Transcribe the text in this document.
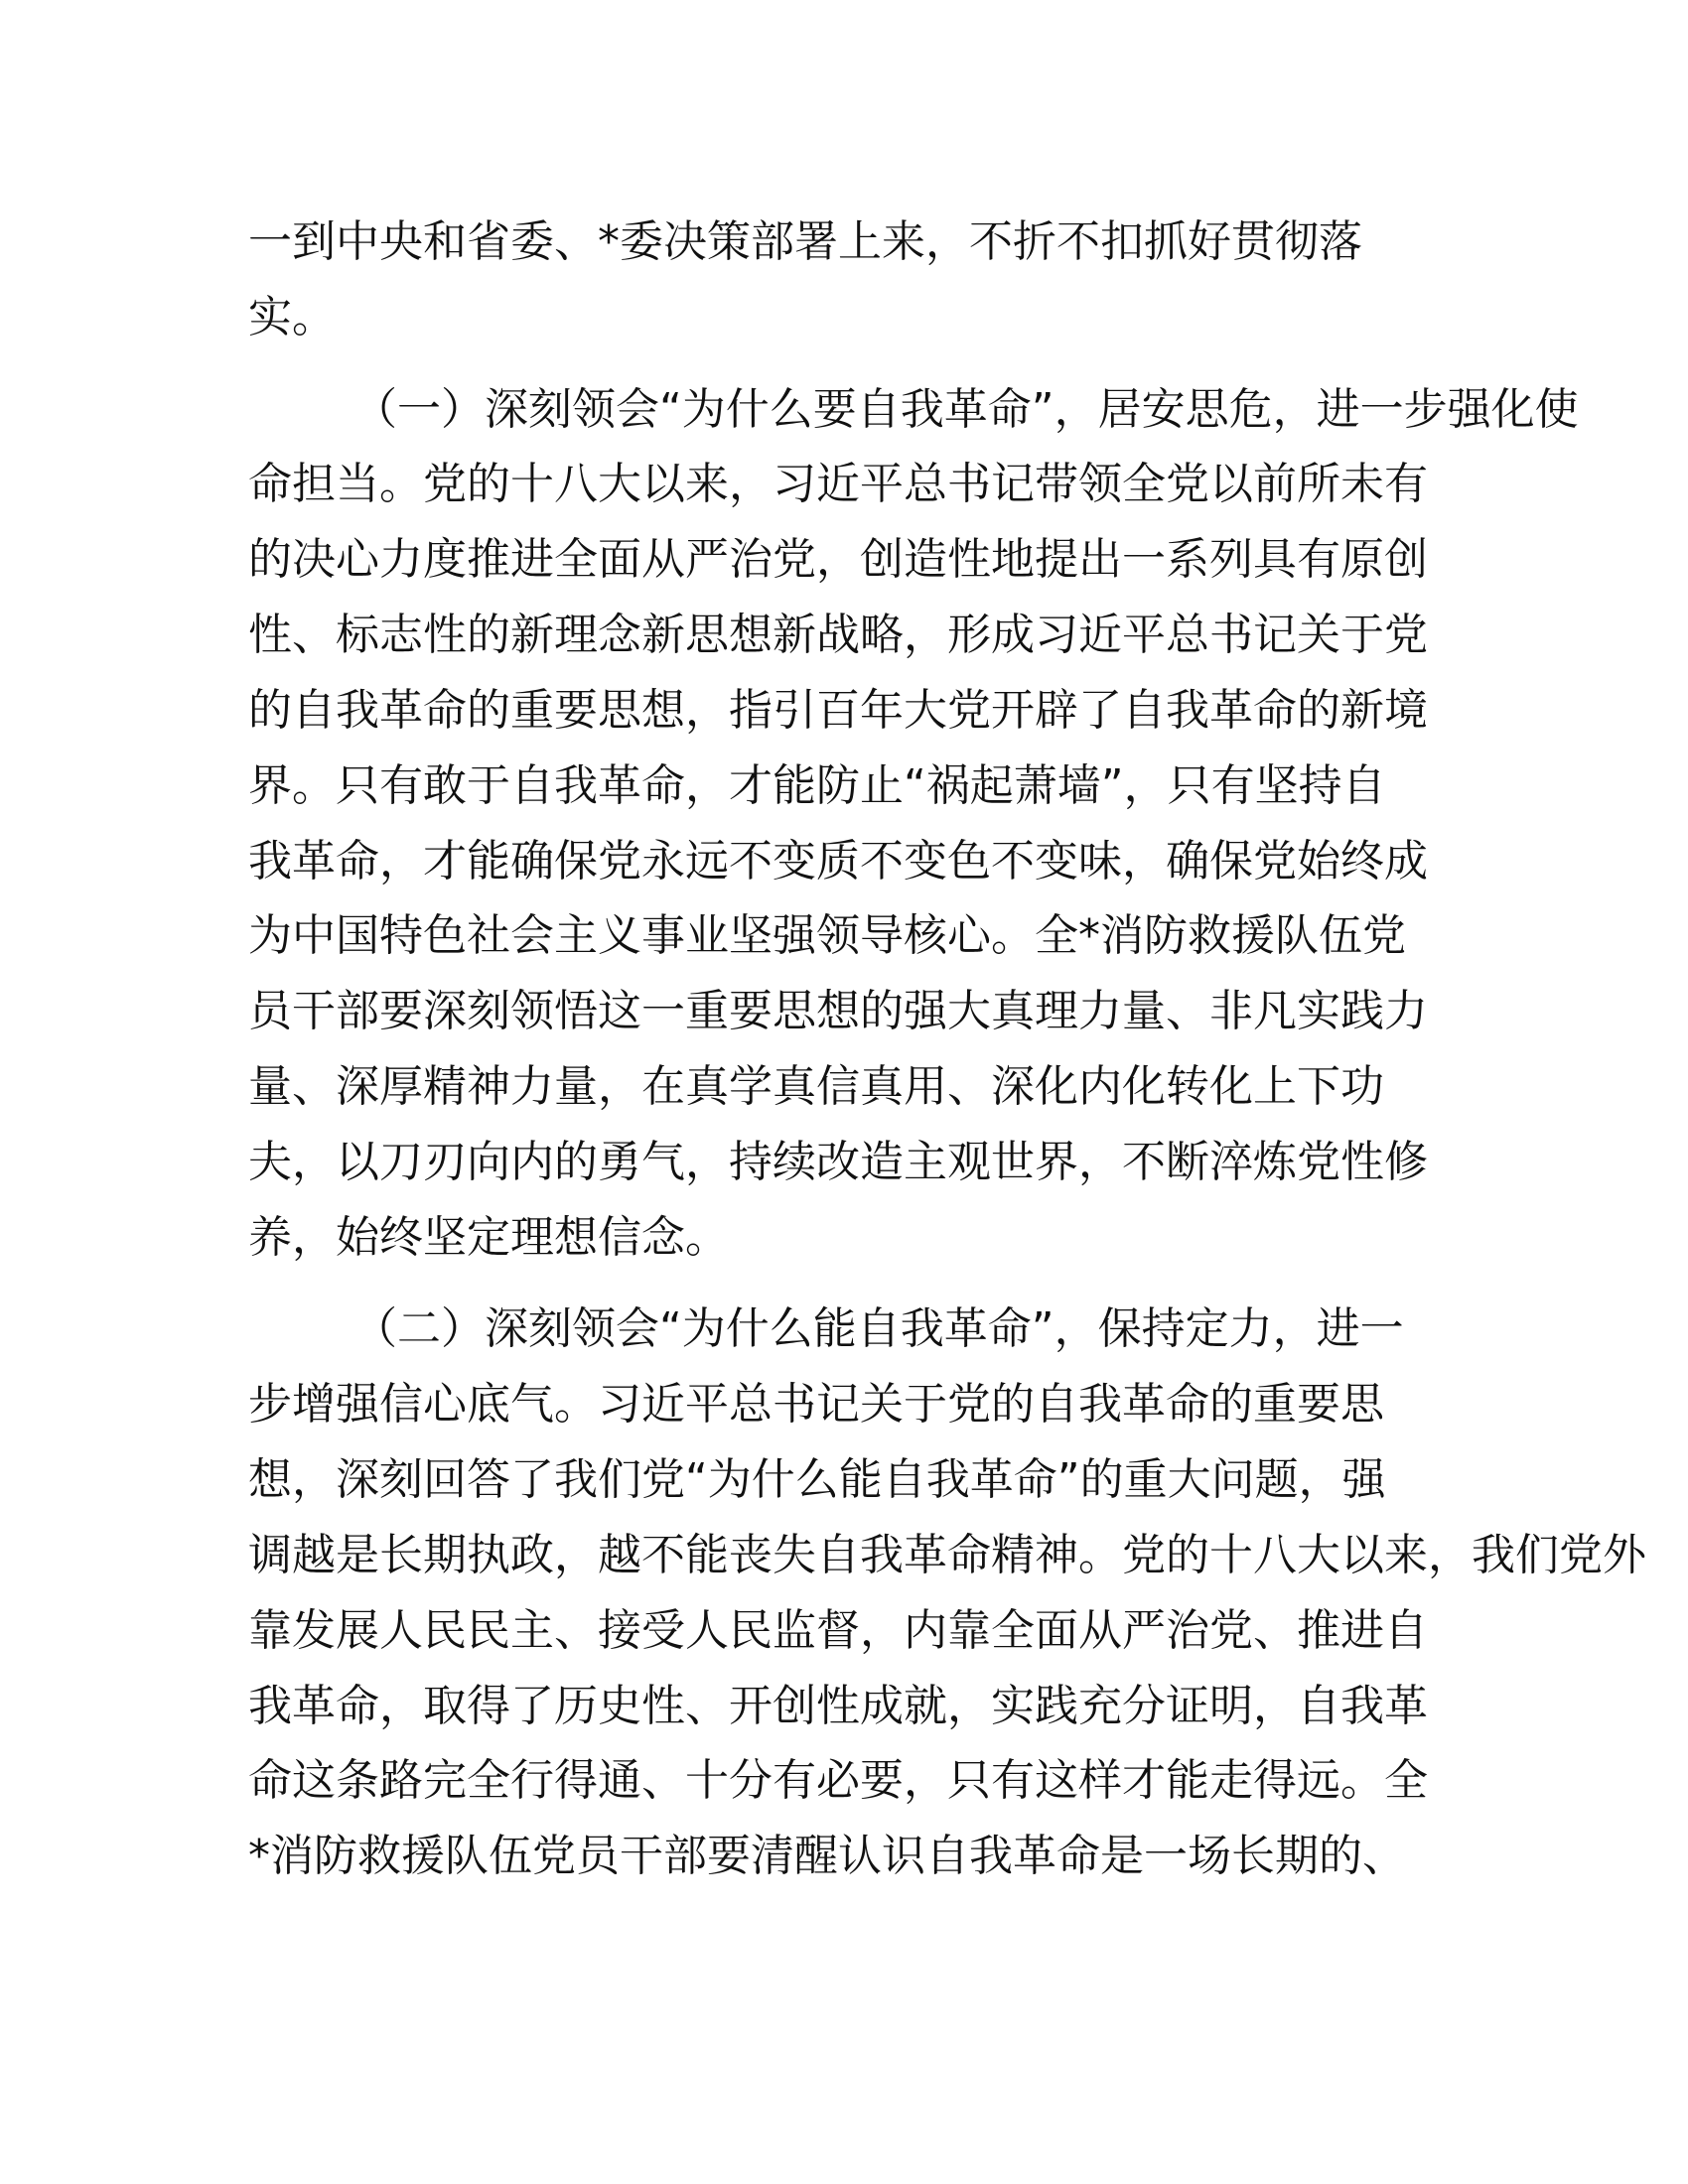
一到中央和省委、*委决策部署上来，不折不扣抓好贯彻落

实。

（一）深刻领会“为什么要自我革命”，居安思危，进一步强化使

命担当。党的十八大以来，习近平总书记带领全党以前所未有

的决心力度推进全面从严治党，创造性地提出一系列具有原创

性、标志性的新理念新思想新战略，形成习近平总书记关于党

的自我革命的重要思想，指引百年大党开辟了自我革命的新境

界。只有敢于自我革命，才能防止“祸起萧墙”，只有坚持自

我革命，才能确保党永远不变质不变色不变味，确保党始终成

为中国特色社会主义事业坚强领导核心。全*消防救援队伍党

员干部要深刻领悟这一重要思想的强大真理力量、非凡实践力

量、深厚精神力量，在真学真信真用、深化内化转化上下功

夫，以刀刃向内的勇气，持续改造主观世界，不断淬炼党性修

养，始终坚定理想信念。

（二）深刻领会“为什么能自我革命”，保持定力，进一

步增强信心底气。习近平总书记关于党的自我革命的重要思

想，深刻回答了我们党“为什么能自我革命”的重大问题，强

调越是长期执政，越不能丧失自我革命精神。党的十八大以来，我们党外

靠发展人民民主、接受人民监督，内靠全面从严治党、推进自

我革命，取得了历史性、开创性成就，实践充分证明，自我革

命这条路完全行得通、十分有必要，只有这样才能走得远。全

*消防救援队伍党员干部要清醒认识自我革命是一场长期的、
